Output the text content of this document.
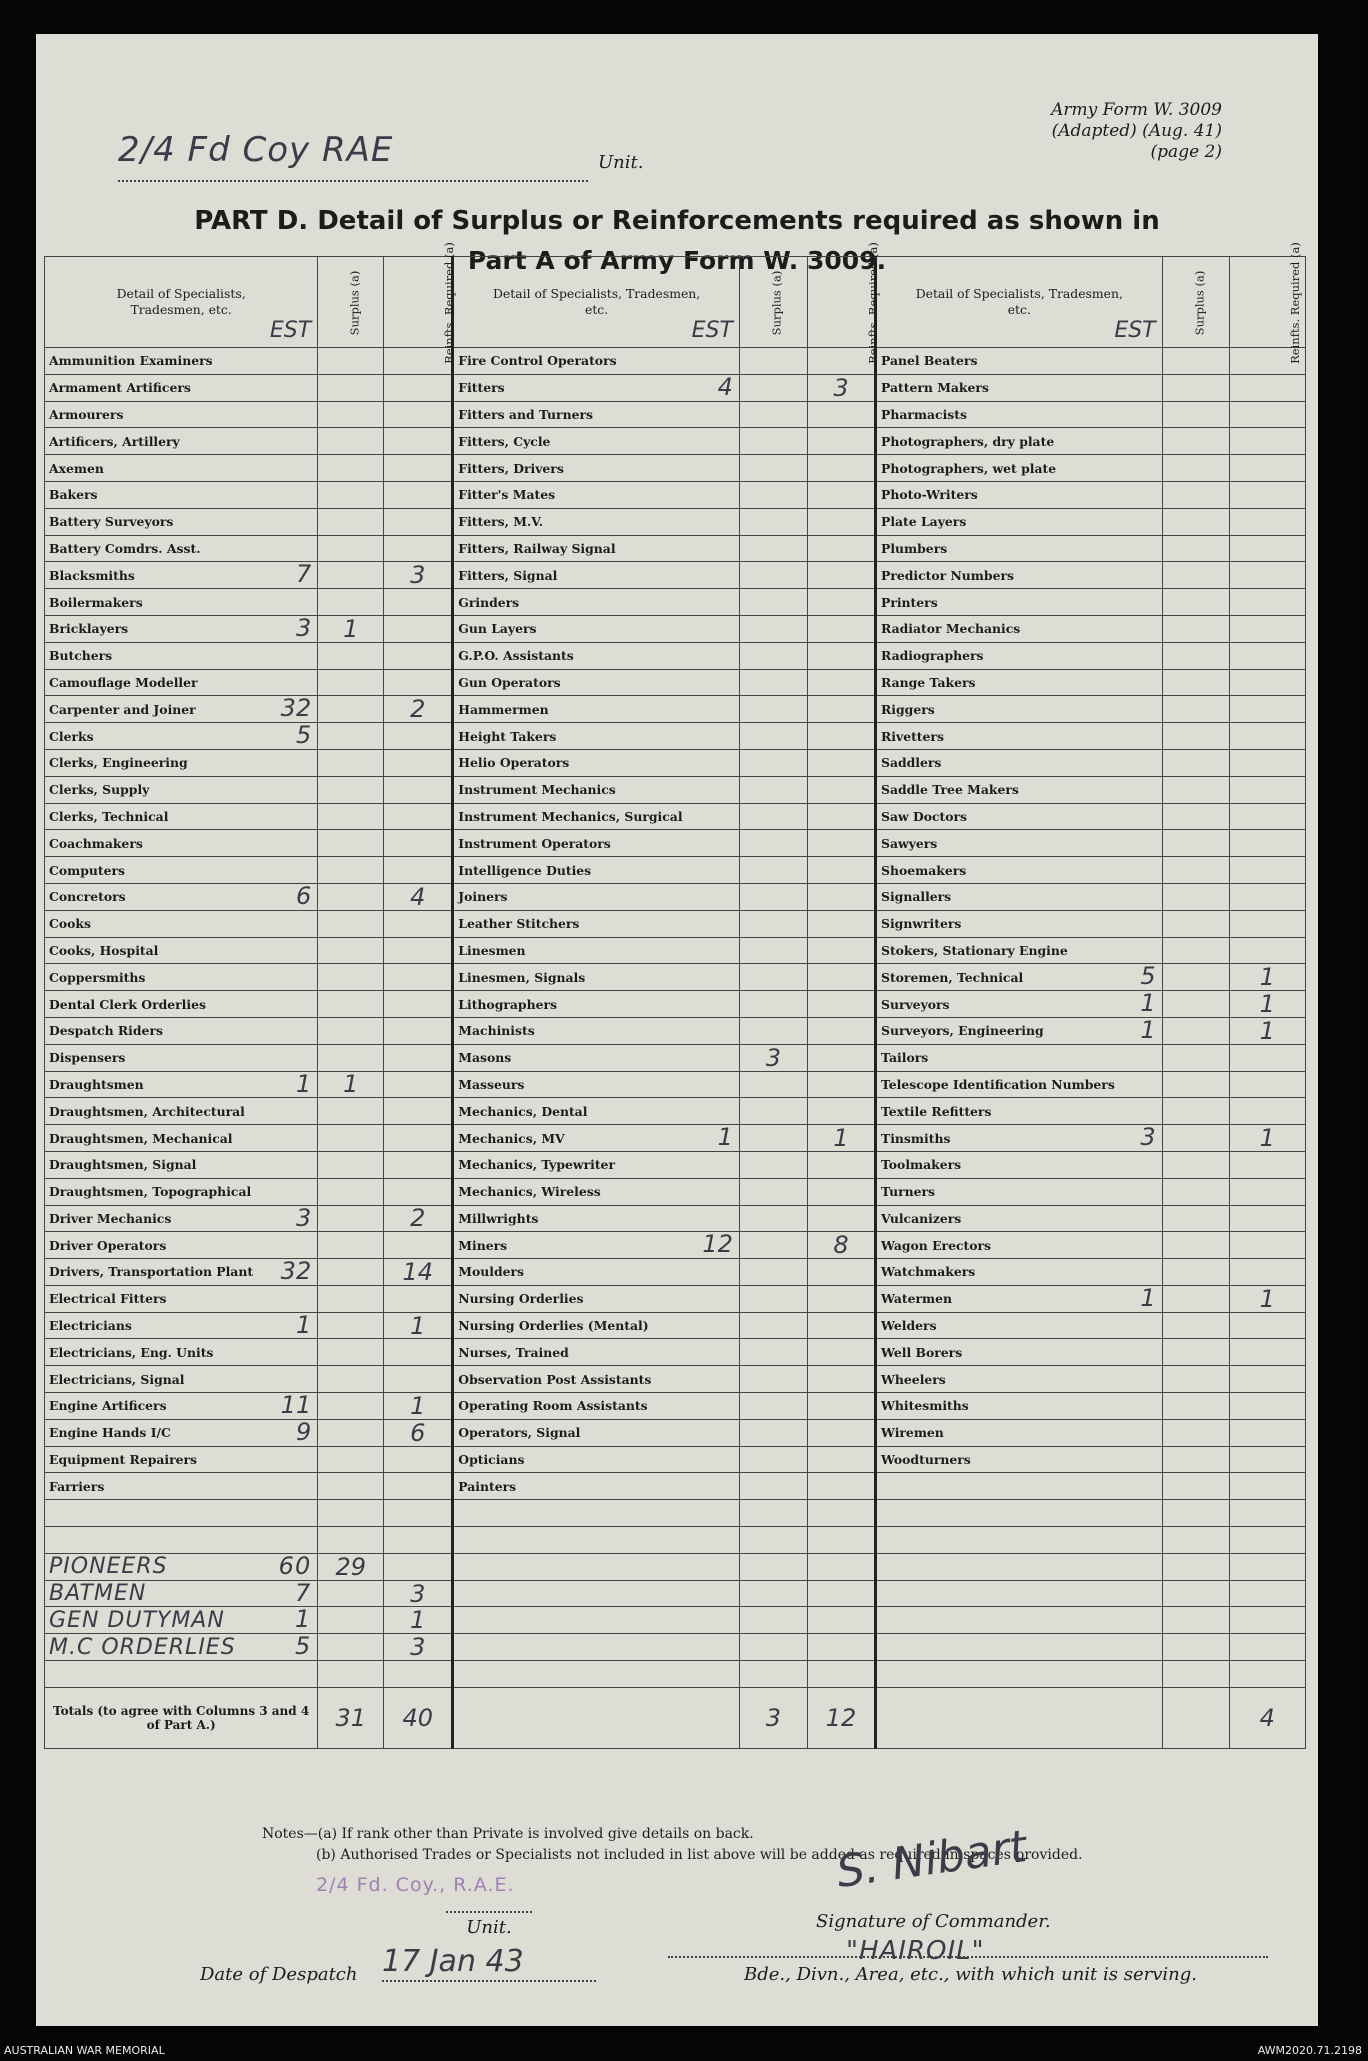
Army Form W. 3009
(Adapted) (Aug. 41)
(page 2)
2/4 Fd Coy RAE	Unit.
PART D. Detail of Surplus or Reinforcements required as shown in
Part A of Army Form W. 3009.
Notes—(a) If rank other than Private is involved give details on back.
(b) Authorised Trades or Specialists not included in list above will be added as required in spaces provided.
2/4 Fd. Coy., R.A.E.
Unit.
S. Nibart
Signature of Commander.
"HAIROIL"
Bde., Divn., Area, etc., with which unit is serving.
Date of Despatch 17 Jan 43
Detail of Specialists, Tradesmen, etc.
EST	Surplus (a)	Reinfts. Required (a)	Detail of Specialists, Tradesmen, etc.
EST	Surplus (a)	Reinfts. Required (a)	Detail of Specialists, Tradesmen, etc.
EST	Surplus (a)	Reinfts. Required (a)
Ammunition Examiners			Fire Control Operators			Panel Beaters

Armament Artificers			Fitters 4		3	Pattern Makers

Armourers			Fitters and Turners			Pharmacists

Artificers, Artillery			Fitters, Cycle			Photographers, dry plate

Axemen			Fitters, Drivers			Photographers, wet plate

Bakers			Fitter's Mates			Photo-Writers

Battery Surveyors			Fitters, M.V.			Plate Layers

Battery Comdrs. Asst.			Fitters, Railway Signal			Plumbers

Blacksmiths 7		3	Fitters, Signal			Predictor Numbers

Boilermakers			Grinders			Printers

Bricklayers 3	1		Gun Layers			Radiator Mechanics

Butchers			G.P.O. Assistants			Radiographers

Camouflage Modeller			Gun Operators			Range Takers

Carpenter and Joiner 32		2	Hammermen			Riggers

Clerks 5			Height Takers			Rivetters

Clerks, Engineering			Helio Operators			Saddlers

Clerks, Supply			Instrument Mechanics			Saddle Tree Makers

Clerks, Technical			Instrument Mechanics, Surgical			Saw Doctors

Coachmakers			Instrument Operators			Sawyers

Computers			Intelligence Duties			Shoemakers

Concretors 6		4	Joiners			Signallers

Cooks			Leather Stitchers			Signwriters

Cooks, Hospital			Linesmen			Stokers, Stationary Engine

Coppersmiths			Linesmen, Signals			Storemen, Technical 5		1
Dental Clerk Orderlies			Lithographers			Surveyors 1		1
Despatch Riders			Machinists			Surveyors, Engineering 1		1
Dispensers			Masons	3		Tailors

Draughtsmen 1	1		Masseurs			Telescope Identification Numbers

Draughtsmen, Architectural			Mechanics, Dental			Textile Refitters

Draughtsmen, Mechanical			Mechanics, MV 1		1	Tinsmiths 3		1
Draughtsmen, Signal			Mechanics, Typewriter			Toolmakers

Draughtsmen, Topographical			Mechanics, Wireless			Turners

Driver Mechanics 3		2	Millwrights			Vulcanizers

Driver Operators			Miners 12		8	Wagon Erectors

Drivers, Transportation Plant 32		14	Moulders			Watchmakers

Electrical Fitters			Nursing Orderlies			Watermen 1		1
Electricians 1		1	Nursing Orderlies (Mental)			Welders

Electricians, Eng. Units			Nurses, Trained			Well Borers

Electricians, Signal			Observation Post Assistants			Wheelers

Engine Artificers 11		1	Operating Room Assistants			Whitesmiths

Engine Hands I/C 9		6	Operators, Signal			Wiremen

Equipment Repairers			Opticians			Woodturners

Farriers			Painters

PIONEERS 60	29							
BATMEN 7		3						
GEN DUTYMAN 1		1						
M.C ORDERLIES 5		3						

Totals (to agree with Columns 3 and 4 of Part A.)	31	40		3	12			4
AUSTRALIAN WAR MEMORIAL	AWM2020.71.2198
